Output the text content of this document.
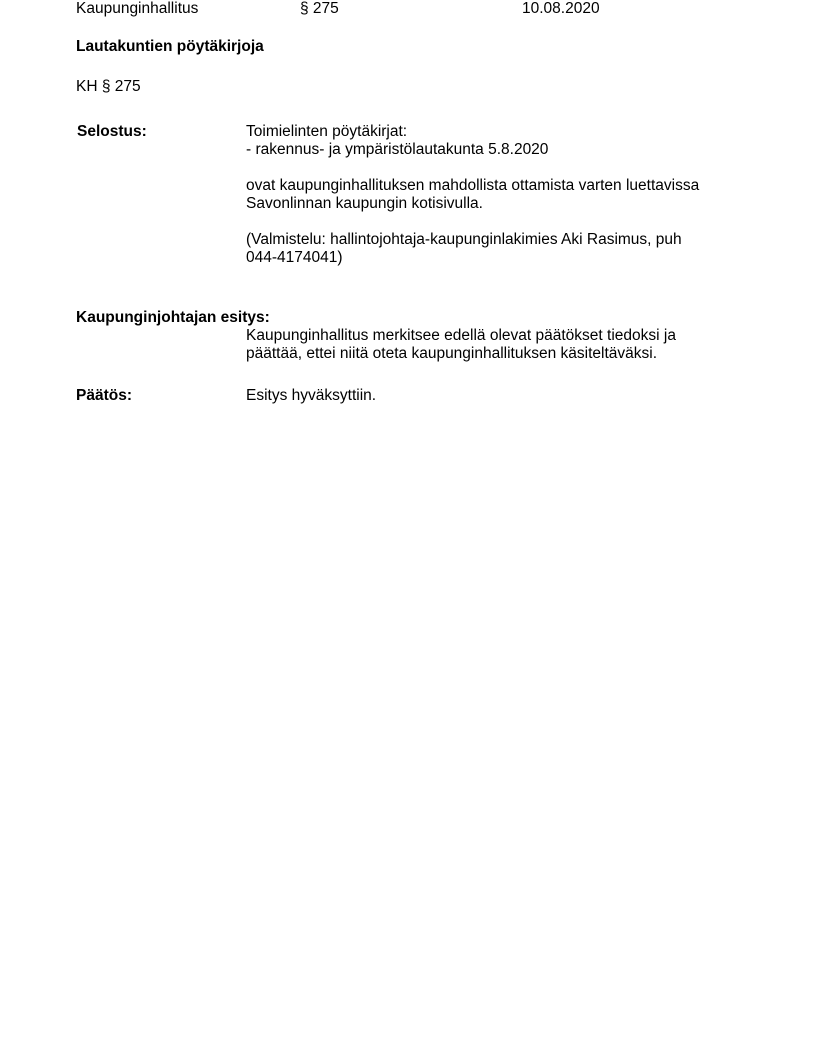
Kaupunginhallitus	§ 275	10.08.2020
Lautakuntien pöytäkirjoja
KH § 275
Selostus:	Toimielinten pöytäkirjat:
- rakennus- ja ympäristölautakunta 5.8.2020
ovat kaupunginhallituksen mahdollista ottamista varten luettavissa
Savonlinnan kaupungin kotisivulla.
(Valmistelu: hallintojohtaja-kaupunginlakimies Aki Rasimus, puh
044-4174041)
Kaupunginjohtajan esitys:
Kaupunginhallitus merkitsee edellä olevat päätökset tiedoksi ja
päättää, ettei niitä oteta kaupunginhallituksen käsiteltäväksi.
Päätös:	Esitys hyväksyttiin.
